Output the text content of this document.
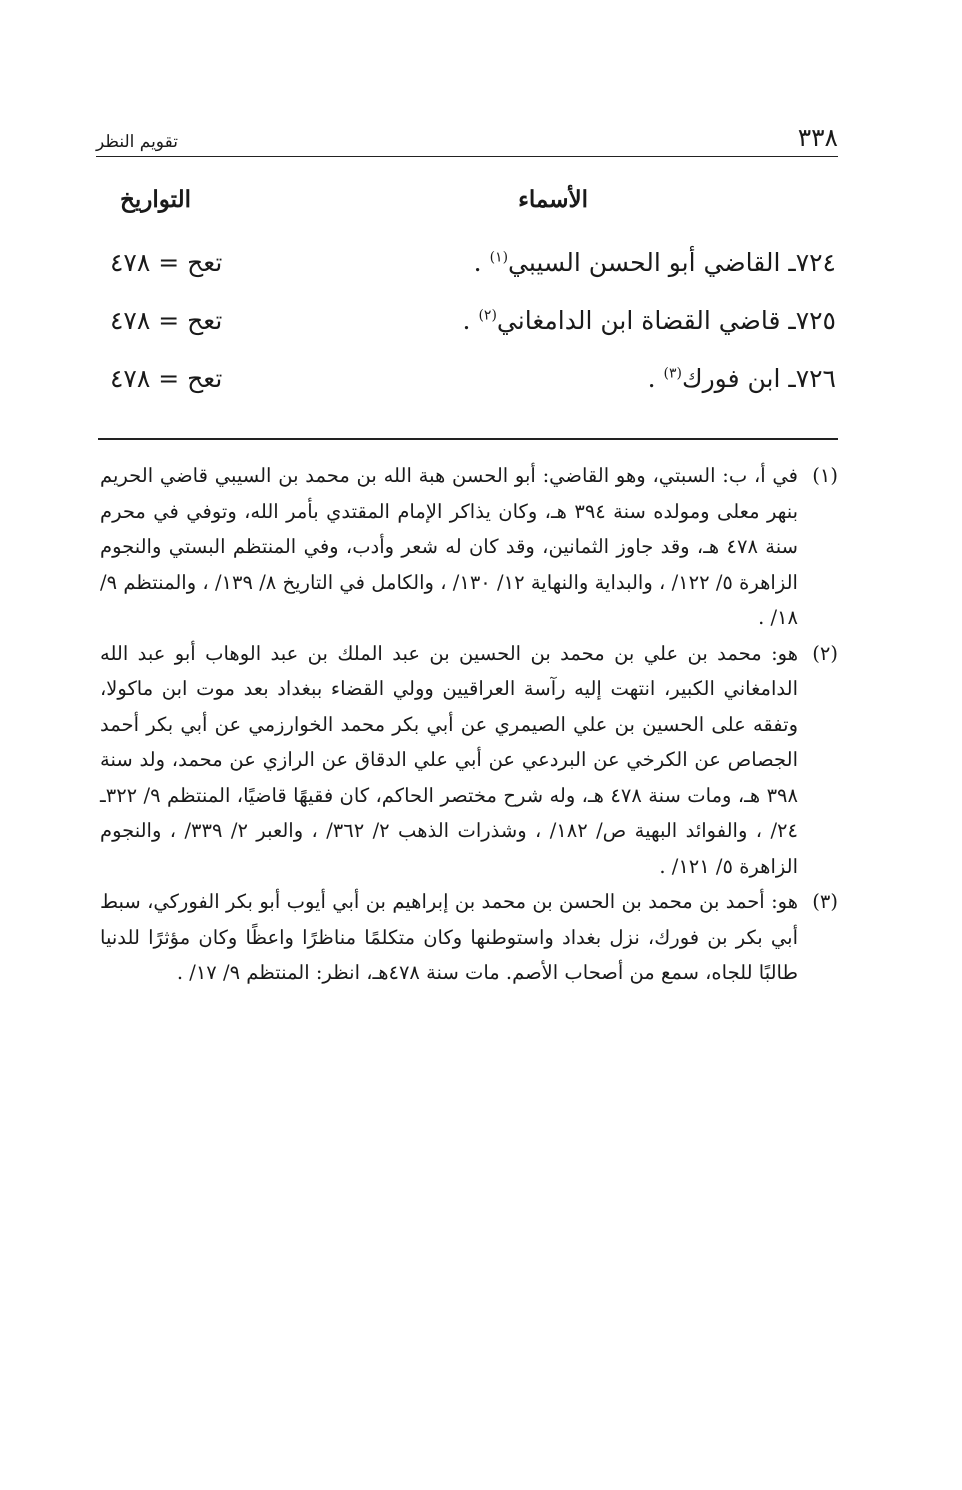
٣٣٨
تقويم النظر
الأسماء
التواريخ
٧٢٤ـ القاضي أبو الحسن السيبي$^{(١)}$ .
تعح = ٤٧٨
٧٢٥ـ قاضي القضاة ابن الدامغاني$^{(٢)}$ .
تعح = ٤٧٨
٧٢٦ـ ابن فورك$^{(٣)}$ .
تعح = ٤٧٨
(١)
في أ، ب: السبتي، وهو القاضي: أبو الحسن هبة الله بن محمد بن السيبي قاضي الحريم بنهر معلى ومولده سنة ٣٩٤ هـ، وكان يذاكر الإمام المقتدي بأمر الله، وتوفي في محرم سنة ٤٧٨ هـ، وقد جاوز الثمانين، وقد كان له شعر وأدب، وفي المنتظم البستي والنجوم الزاهرة ٥/ ١٢٢/ ، والبداية والنهاية ١٢/ ١٣٠/ ، والكامل في التاريخ ٨/ ١٣٩/ ، والمنتظم ٩/ ١٨/ .
(٢)
هو: محمد بن علي بن محمد بن الحسين بن عبد الملك بن عبد الوهاب أبو عبد الله الدامغاني الكبير، انتهت إليه رآسة العراقيين وولي القضاء ببغداد بعد موت ابن ماكولا، وتفقه على الحسين بن علي الصيمري عن أبي بكر محمد الخوارزمي عن أبي بكر أحمد الجصاص عن الكرخي عن البردعي عن أبي علي الدقاق عن الرازي عن محمد، ولد سنة ٣٩٨ هـ، ومات سنة ٤٧٨ هـ، وله شرح مختصر الحاكم، كان فقيهًا قاضيًا، المنتظم ٩/ ٣٢٢ـ ٢٤/ ، والفوائد البهية ص/ ١٨٢/ ، وشذرات الذهب ٢/ ٣٦٢/ ، والعبر ٢/ ٣٣٩/ ، والنجوم الزاهرة ٥/ ١٢١/ .
(٣)
هو: أحمد بن محمد بن الحسن بن محمد بن إبراهيم بن أبي أيوب أبو بكر الفوركي، سبط أبي بكر بن فورك، نزل بغداد واستوطنها وكان متكلمًا مناظرًا واعظًا وكان مؤثرًا للدنيا طالبًا للجاه، سمع من أصحاب الأصم. مات سنة ٤٧٨هـ، انظر: المنتظم ٩/ ١٧/ .
